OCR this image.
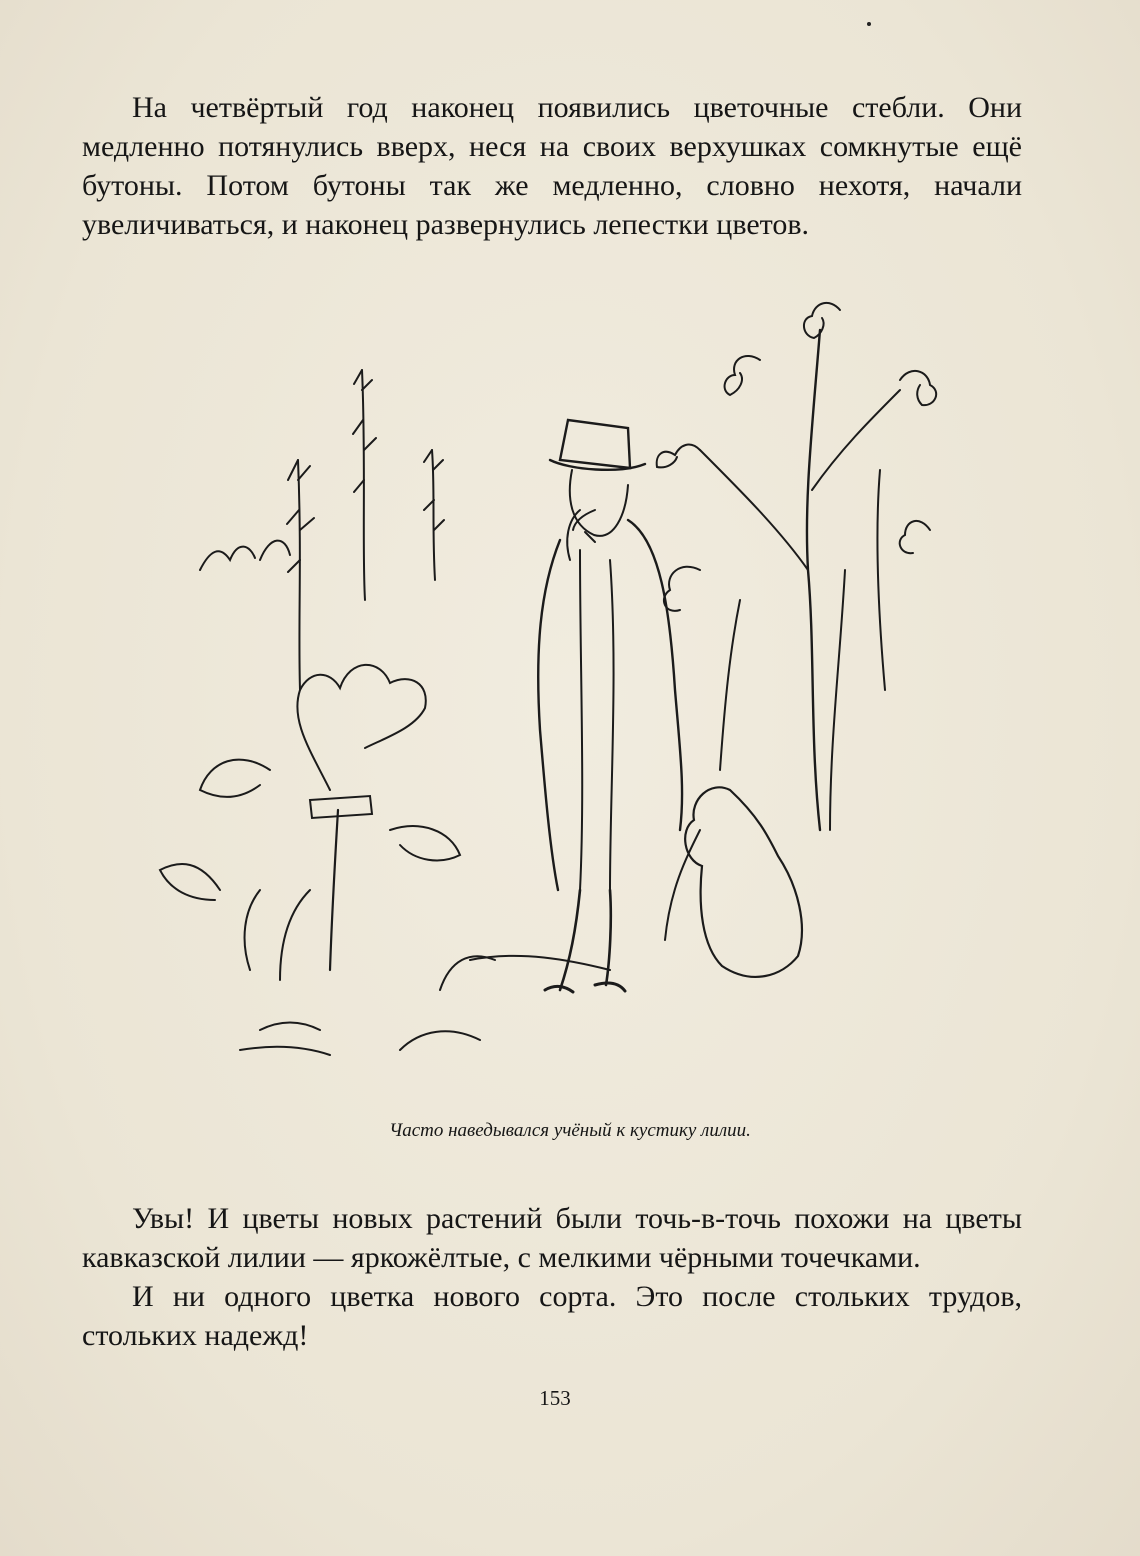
На четвёртый год наконец появились цветочные стебли. Они медленно потянулись вверх, неся на своих верхушках сомкнутые ещё бутоны. Потом бутоны так же медленно, словно нехотя, начали увеличиваться, и наконец развернулись лепестки цветов.

Часто наведывался учёный к кустику лилии.

Увы! И цветы новых растений были точь-в-точь похожи на цветы кавказской лилии — яркожёлтые, с мелкими чёрными точечками.

И ни одного цветка нового сорта. Это после стольких трудов, стольких надежд!

153
